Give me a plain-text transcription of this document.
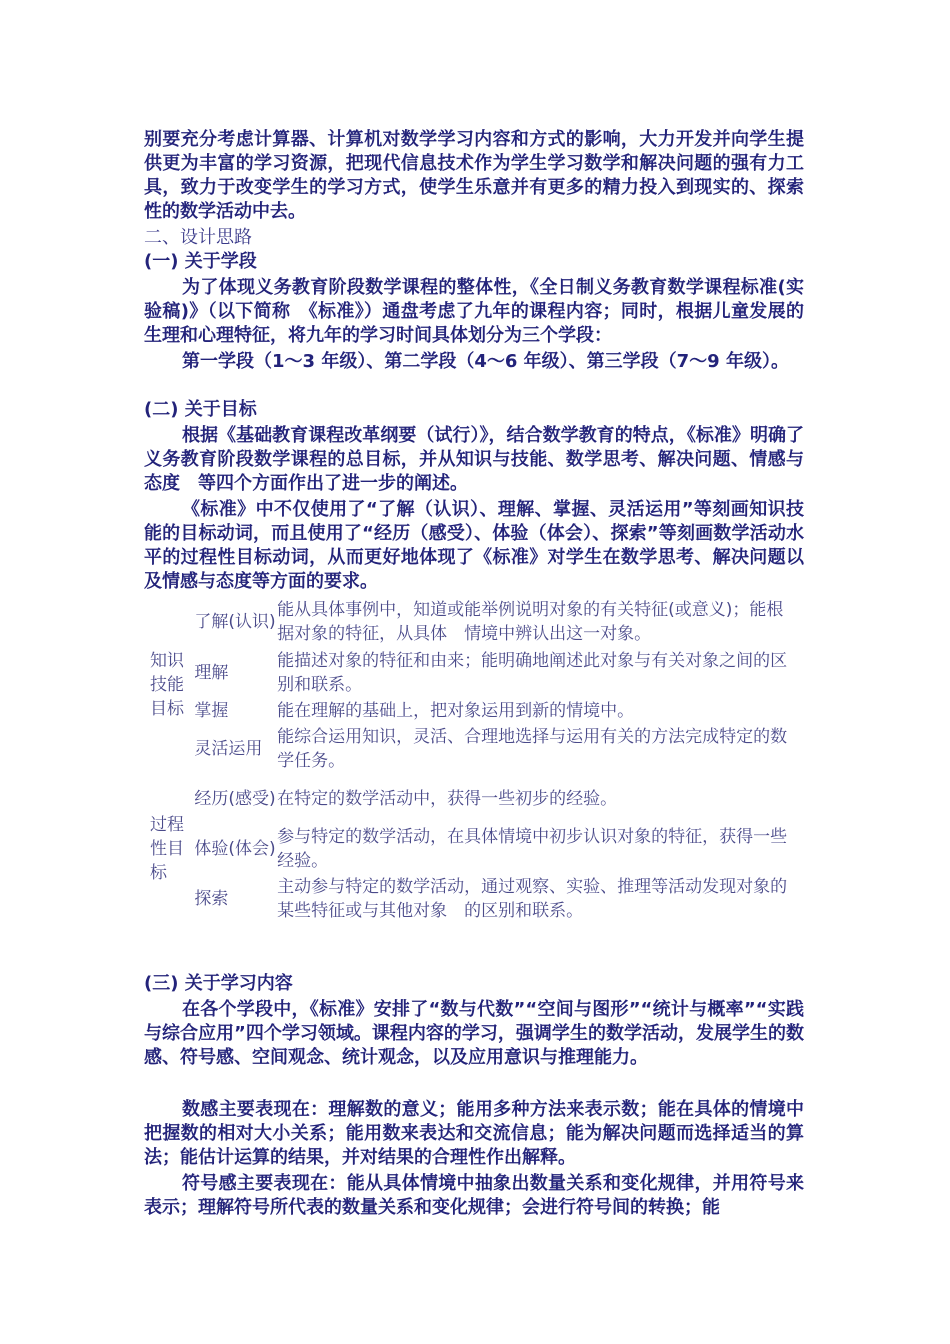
别要充分考虑计算器、计算机对数学学习内容和方式的影响，大力开发并向学生提供更为丰富的学习资源，把现代信息技术作为学生学习数学和解决问题的强有力工具，致力于改变学生的学习方式，使学生乐意并有更多的精力投入到现实的、探索性的数学活动中去。

二、设计思路

(一) 关于学段

为了体现义务教育阶段数学课程的整体性，《全日制义务教育数学课程标准(实验稿)》（以下简称　《标准》）通盘考虑了九年的课程内容；同时，根据儿童发展的生理和心理特征，将九年的学习时间具体划分为三个学段：

第一学段（1～3 年级）、第二学段（4～6 年级）、第三学段（7～9 年级）。

(二) 关于目标

根据《基础教育课程改革纲要（试行）》，结合数学教育的特点，《标准》明确了义务教育阶段数学课程的总目标，并从知识与技能、数学思考、解决问题、情感与态度　等四个方面作出了进一步的阐述。

《标准》中不仅使用了“了解（认识）、理解、掌握、灵活运用”等刻画知识技能的目标动词，而且使用了“经历（感受）、体验（体会）、探索”等刻画数学活动水平的过程性目标动词，从而更好地体现了《标准》对学生在数学思考、解决问题以及情感与态度等方面的要求。

知识技能目标	了解(认识)	能从具体事例中，知道或能举例说明对象的有关特征(或意义)；能根据对象的特征，从具体　情境中辨认出这一对象。
	理解	能描述对象的特征和由来；能明确地阐述此对象与有关对象之间的区别和联系。
	掌握	能在理解的基础上，把对象运用到新的情境中。
	灵活运用	能综合运用知识，灵活、合理地选择与运用有关的方法完成特定的数学任务。
过程性目标	经历(感受)	在特定的数学活动中，获得一些初步的经验。
	体验(体会)	参与特定的数学活动，在具体情境中初步认识对象的特征，获得一些经验。
	探索	主动参与特定的数学活动，通过观察、实验、推理等活动发现对象的某些特征或与其他对象　的区别和联系。

(三) 关于学习内容

在各个学段中，《标准》安排了“数与代数”“空间与图形”“统计与概率”“实践与综合应用”四个学习领域。课程内容的学习，强调学生的数学活动，发展学生的数感、符号感、空间观念、统计观念，以及应用意识与推理能力。

数感主要表现在：理解数的意义；能用多种方法来表示数；能在具体的情境中把握数的相对大小关系；能用数来表达和交流信息；能为解决问题而选择适当的算法；能估计运算的结果，并对结果的合理性作出解释。

符号感主要表现在：能从具体情境中抽象出数量关系和变化规律，并用符号来表示；理解符号所代表的数量关系和变化规律；会进行符号间的转换；能
